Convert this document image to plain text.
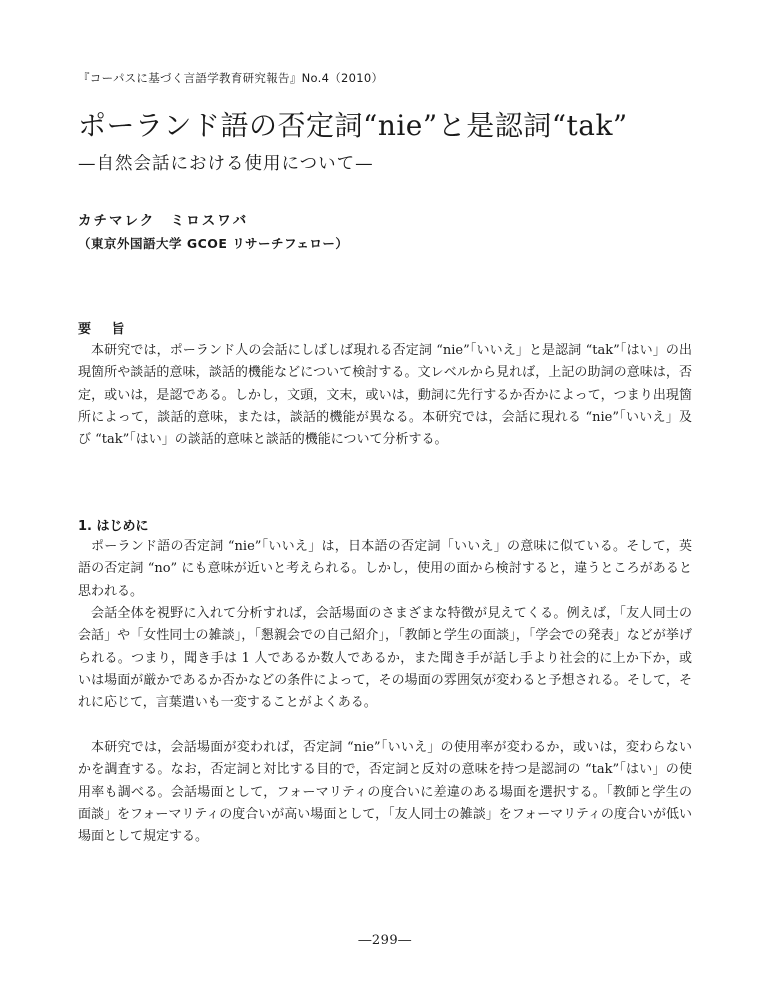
『コーパスに基づく言語学教育研究報告』No.4（2010）
ポーランド語の否定詞“nie”と是認詞“tak”
—自然会話における使用について—
カチマレク　ミロスワバ
（東京外国語大学 GCOE リサーチフェロー）
要 旨

本研究では，ポーランド人の会話にしばしば現れる否定詞 “nie”「いいえ」と是認詞 “tak”「はい」の出現箇所や談話的意味，談話的機能などについて検討する。文レベルから見れば，上記の助詞の意味は，否定，或いは，是認である。しかし，文頭，文末，或いは，動詞に先行するか否かによって，つまり出現箇所によって，談話的意味，または，談話的機能が異なる。本研究では，会話に現れる “nie”「いいえ」及び “tak”「はい」の談話的意味と談話的機能について分析する。

1. はじめに

ポーランド語の否定詞 “nie”「いいえ」は，日本語の否定詞「いいえ」の意味に似ている。そして，英語の否定詞 “no” にも意味が近いと考えられる。しかし，使用の面から検討すると，違うところがあると思われる。

会話全体を視野に入れて分析すれば，会話場面のさまざまな特徴が見えてくる。例えば，「友人同士の会話」や「女性同士の雑談」，「懇親会での自己紹介」，「教師と学生の面談」，「学会での発表」などが挙げられる。つまり，聞き手は 1 人であるか数人であるか，また聞き手が話し手より社会的に上か下か，或いは場面が厳かであるか否かなどの条件によって，その場面の雰囲気が変わると予想される。そして，それに応じて，言葉遣いも一変することがよくある。

本研究では，会話場面が変われば，否定詞 “nie”「いいえ」の使用率が変わるか，或いは，変わらないかを調査する。なお，否定詞と対比する目的で，否定詞と反対の意味を持つ是認詞の “tak”「はい」の使用率も調べる。会話場面として，フォーマリティの度合いに差違のある場面を選択する。「教師と学生の面談」をフォーマリティの度合いが高い場面として，「友人同士の雑談」をフォーマリティの度合いが低い場面として規定する。

―299―
